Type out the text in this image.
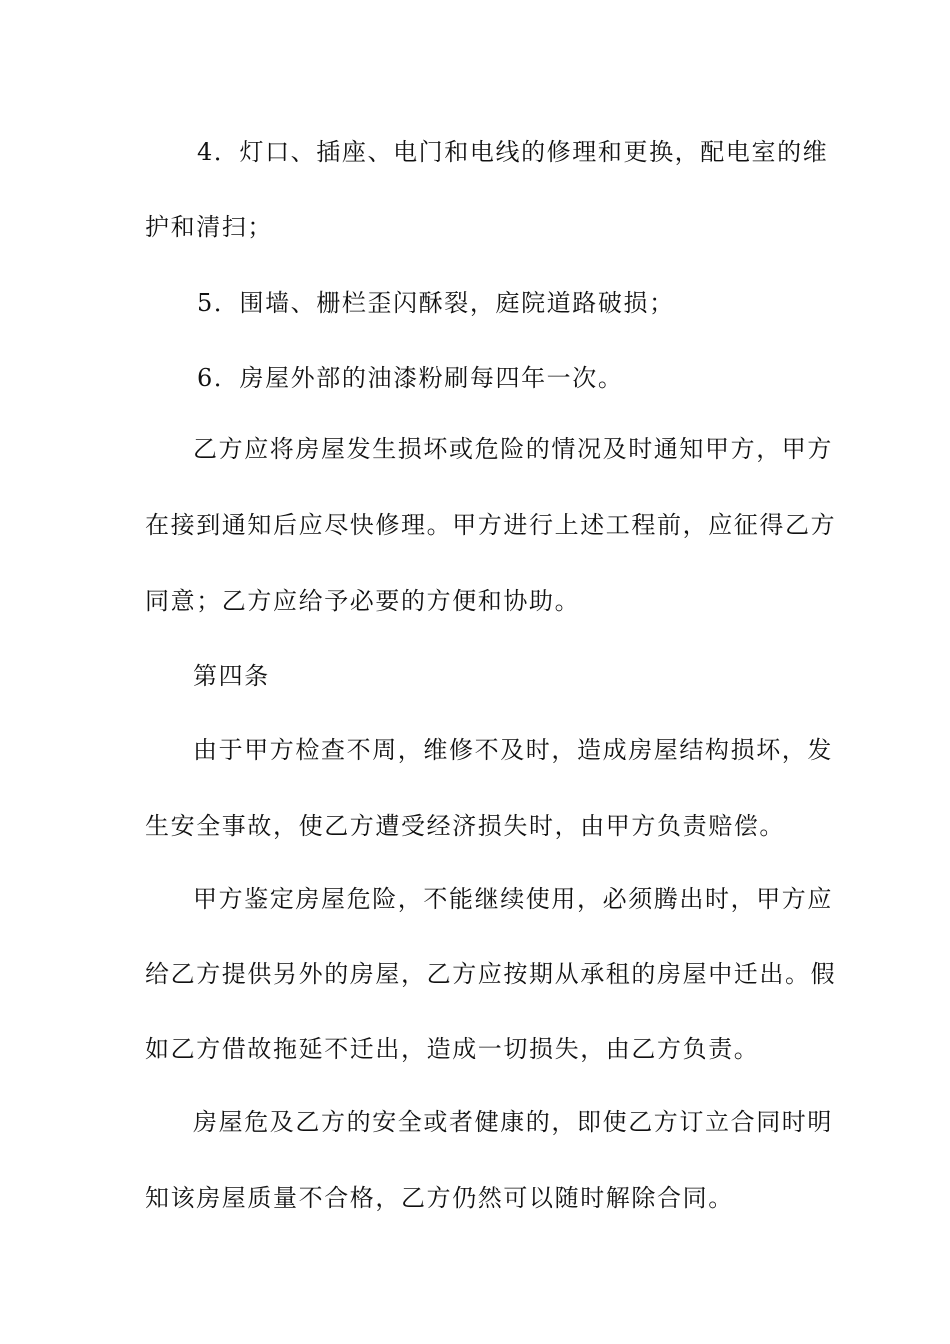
4．灯口、插座、电门和电线的修理和更换，配电室的维
护和清扫；
5．围墙、栅栏歪闪酥裂，庭院道路破损；
6．房屋外部的油漆粉刷每四年一次。
乙方应将房屋发生损坏或危险的情况及时通知甲方，甲方
在接到通知后应尽快修理。甲方进行上述工程前，应征得乙方
同意；乙方应给予必要的方便和协助。
第四条
由于甲方检查不周，维修不及时，造成房屋结构损坏，发
生安全事故，使乙方遭受经济损失时，由甲方负责赔偿。
甲方鉴定房屋危险，不能继续使用，必须腾出时，甲方应
给乙方提供另外的房屋，乙方应按期从承租的房屋中迁出。假
如乙方借故拖延不迁出，造成一切损失，由乙方负责。
房屋危及乙方的安全或者健康的，即使乙方订立合同时明
知该房屋质量不合格，乙方仍然可以随时解除合同。
